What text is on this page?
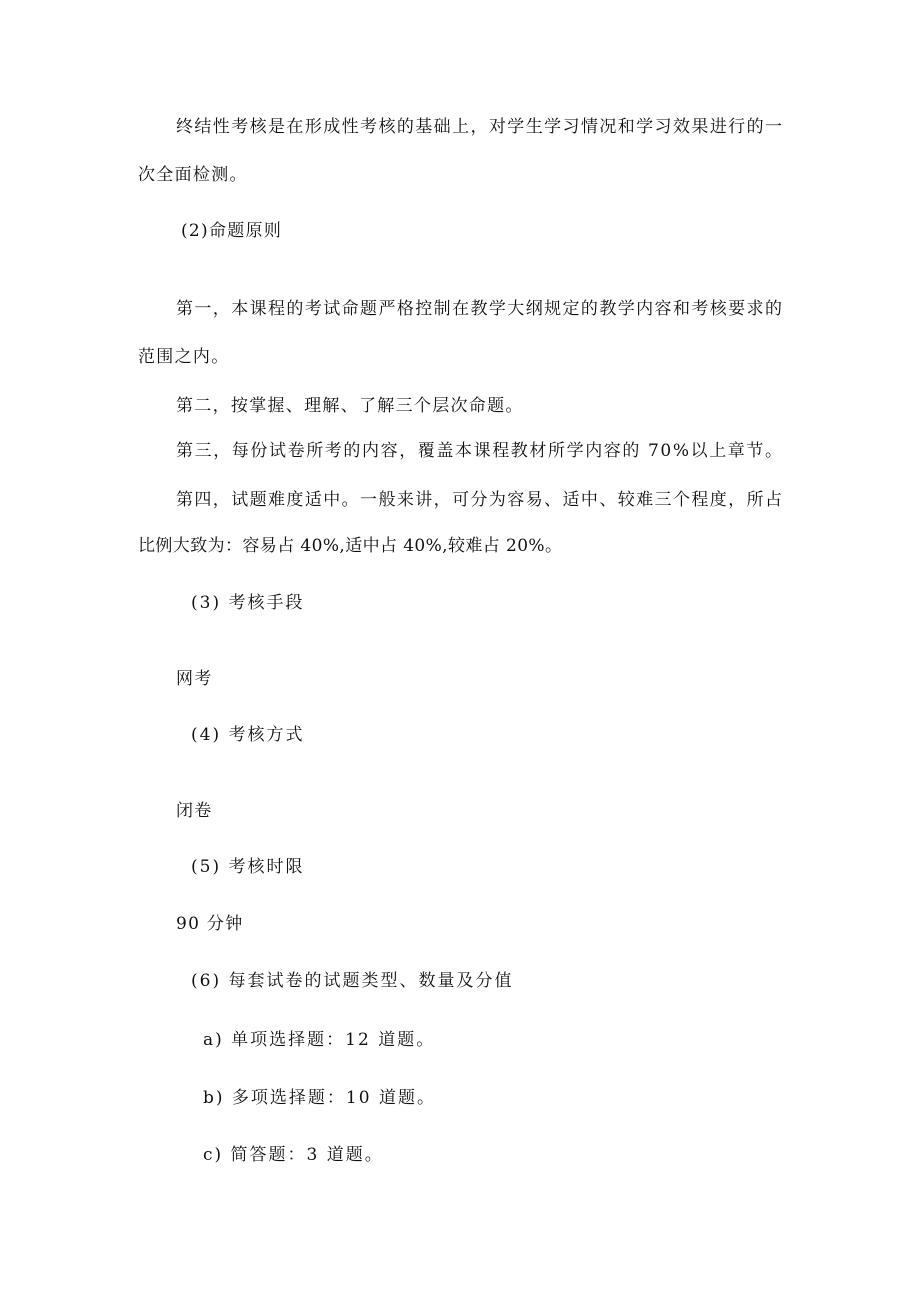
终结性考核是在形成性考核的基础上，对学生学习情况和学习效果进行的一
次全面检测。
(2)命题原则
第一，本课程的考试命题严格控制在教学大纲规定的教学内容和考核要求的
范围之内。
第二，按掌握、理解、了解三个层次命题。
第三，每份试卷所考的内容，覆盖本课程教材所学内容的 70%以上章节。
第四，试题难度适中。一般来讲，可分为容易、适中、较难三个程度，所占
比例大致为：容易占 40%,适中占 40%,较难占 20%。
(3) 考核手段
网考
(4) 考核方式
闭卷
(5) 考核时限
90 分钟
(6) 每套试卷的试题类型、数量及分值
a) 单项选择题：12 道题。
b) 多项选择题：10 道题。
c) 简答题：3 道题。
